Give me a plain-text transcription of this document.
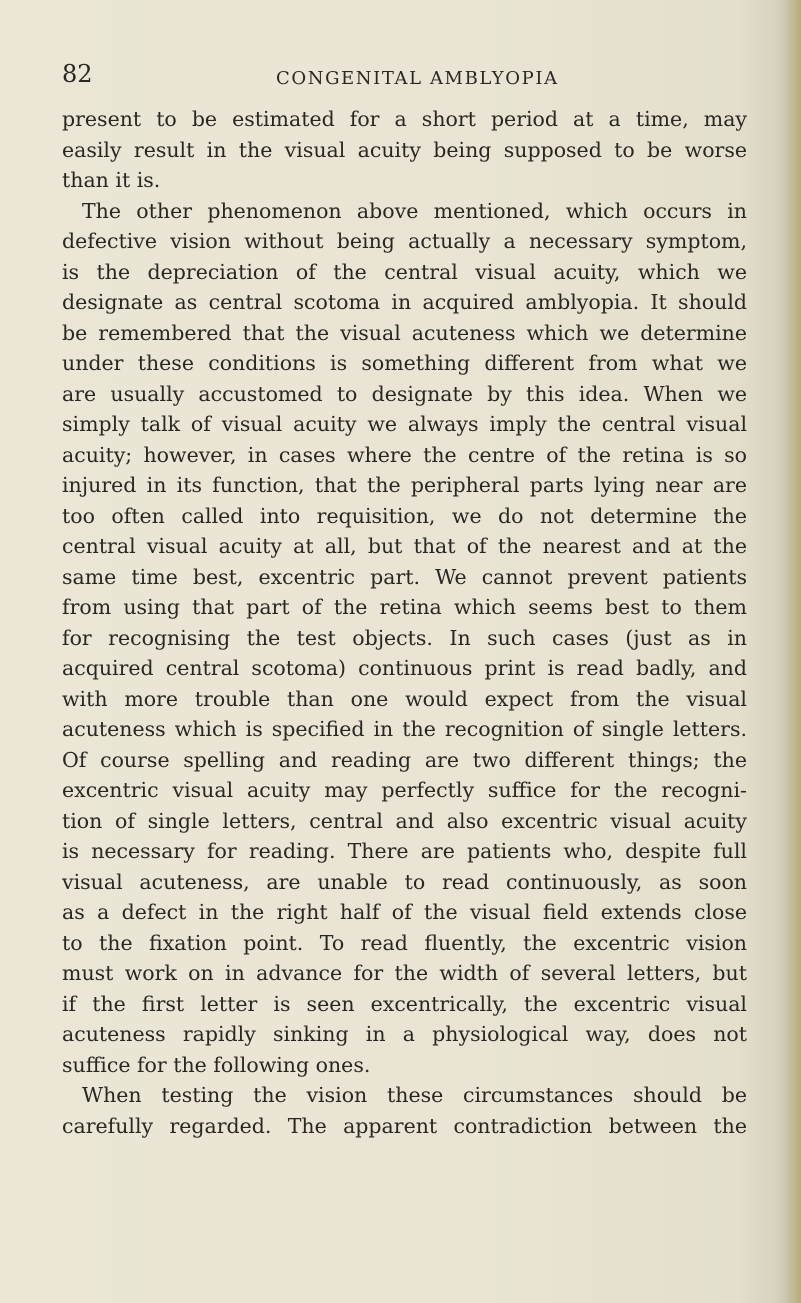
82	CONGENITAL AMBLYOPIA
present to be estimated for a short period at a time, may
easily result in the visual acuity being supposed to be worse
than it is.
The other phenomenon above mentioned, which occurs in
defective vision without being actually a necessary symptom,
is the depreciation of the central visual acuity, which we
designate as central scotoma in acquired amblyopia. It should
be remembered that the visual acuteness which we determine
under these conditions is something different from what we
are usually accustomed to designate by this idea. When we
simply talk of visual acuity we always imply the central visual
acuity; however, in cases where the centre of the retina is so
injured in its function, that the peripheral parts lying near are
too often called into requisition, we do not determine the
central visual acuity at all, but that of the nearest and at the
same time best, excentric part. We cannot prevent patients
from using that part of the retina which seems best to them
for recognising the test objects. In such cases (just as in
acquired central scotoma) continuous print is read badly, and
with more trouble than one would expect from the visual
acuteness which is specified in the recognition of single letters.
Of course spelling and reading are two different things; the
excentric visual acuity may perfectly suffice for the recogni-
tion of single letters, central and also excentric visual acuity
is necessary for reading. There are patients who, despite full
visual acuteness, are unable to read continuously, as soon
as a defect in the right half of the visual field extends close
to the fixation point. To read fluently, the excentric vision
must work on in advance for the width of several letters, but
if the first letter is seen excentrically, the excentric visual
acuteness rapidly sinking in a physiological way, does not
suffice for the following ones.
When testing the vision these circumstances should be
carefully regarded. The apparent contradiction between the
